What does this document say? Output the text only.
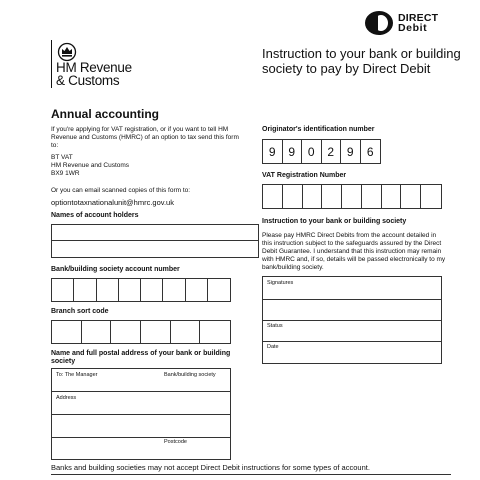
HM Revenue
& Customs
DIRECT
Debit
Instruction to your bank or building society to pay by Direct Debit
Annual accounting
If you're applying for VAT registration, or if you want to tell HM Revenue and Customs (HMRC) of an option to tax send this form to:
BT VAT
HM Revenue and Customs
BX9 1WR
Or you can email scanned copies of this form to:
optiontotaxnationalunit@hmrc.gov.uk
Names of account holders
Bank/building society account number
Branch sort code
Name and full postal address of your bank or building society
To: The Manager	Bank/building society
Address
Postcode
Originator's identification number
9	9	0	2	9	6
VAT Registration Number
Instruction to your bank or building society
Please pay HMRC Direct Debits from the account detailed in this instruction subject to the safeguards assured by the Direct Debit Guarantee. I understand that this instruction may remain with HMRC and, if so, details will be passed electronically to my bank/building society.
Signatures
Status
Date
Banks and building societies may not accept Direct Debit instructions for some types of account.
